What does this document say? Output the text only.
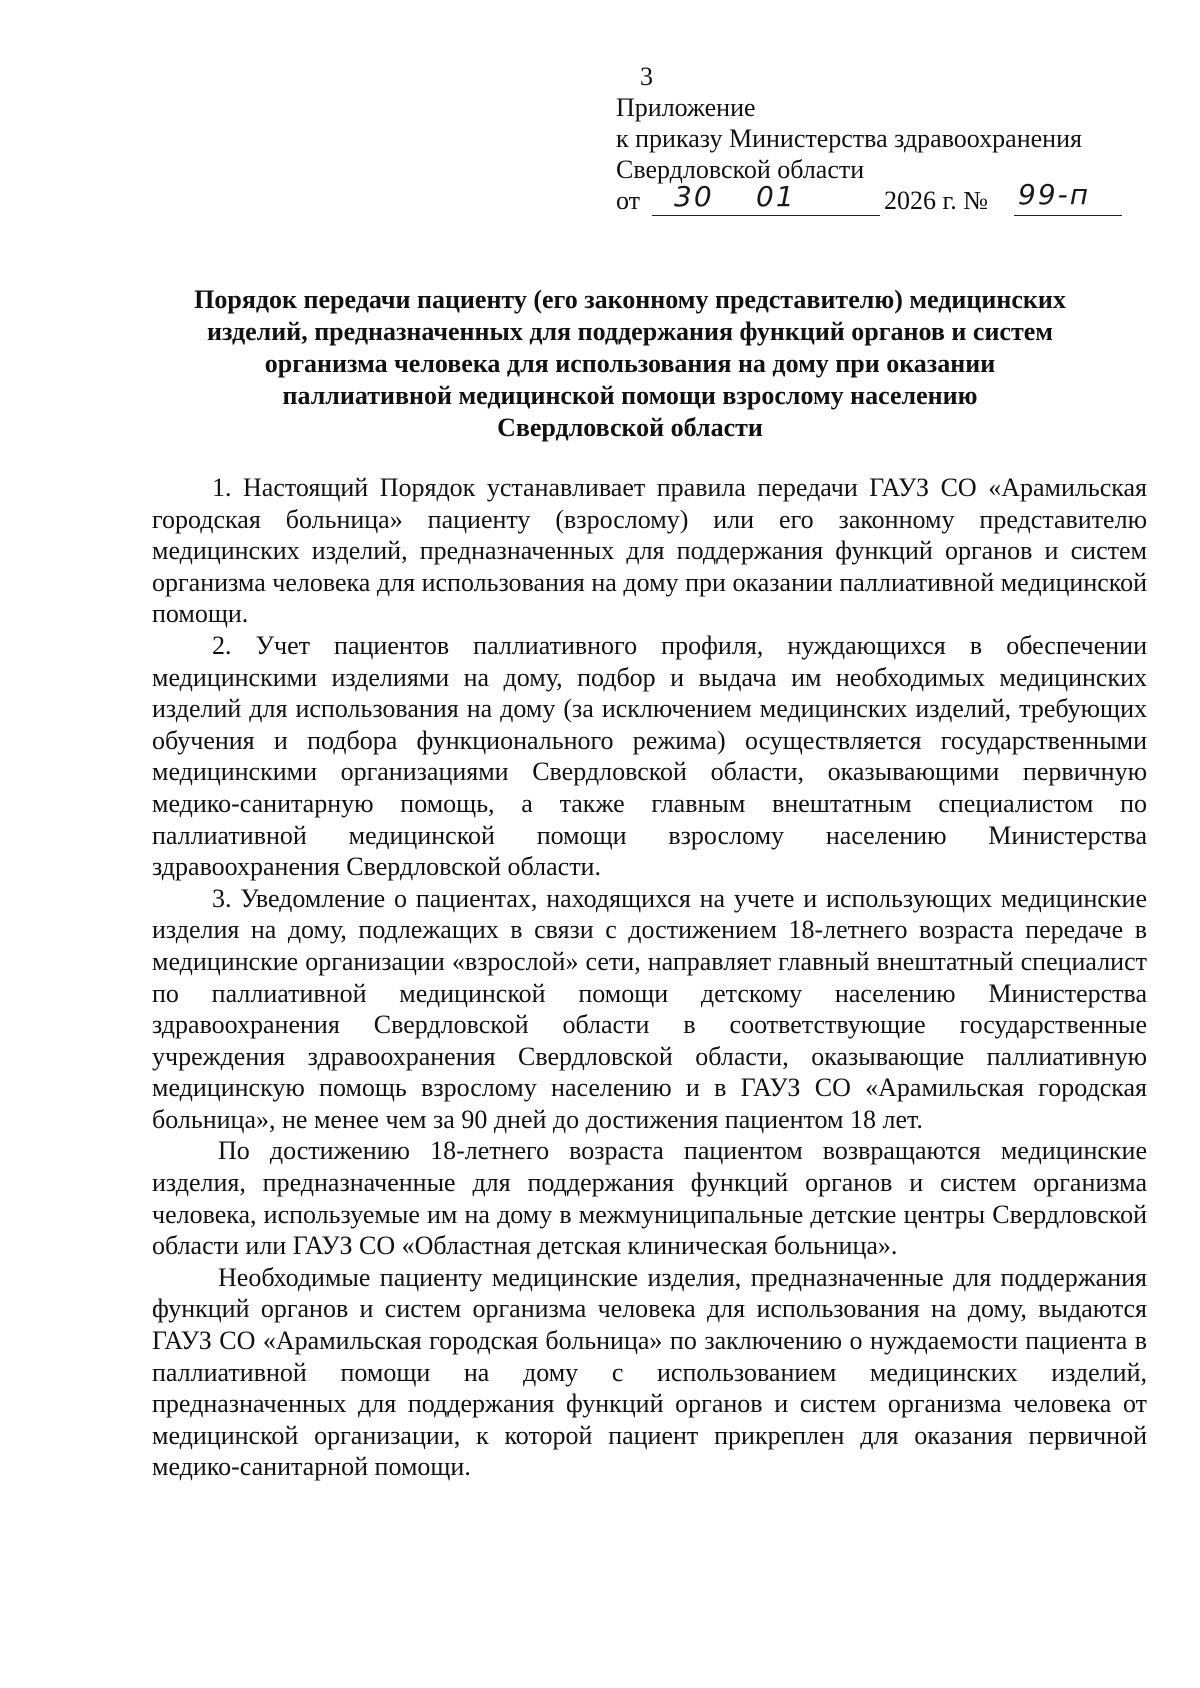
3
Приложение
к приказу Министерства здравоохранения
Свердловской области
от 30 01	2026 г. № 99-п
Порядок передачи пациенту (его законному представителю) медицинских
изделий, предназначенных для поддержания функций органов и систем
организма человека для использования на дому при оказании
паллиативной медицинской помощи взрослому населению
Свердловской области

1. Настоящий Порядок устанавливает правила передачи ГАУЗ СО «Арамильская городская больница» пациенту (взрослому) или его законному представителю медицинских изделий, предназначенных для поддержания функций органов и систем организма человека для использования на дому при оказании паллиативной медицинской помощи.

2. Учет пациентов паллиативного профиля, нуждающихся в обеспечении медицинскими изделиями на дому, подбор и выдача им необходимых медицинских изделий для использования на дому (за исключением медицинских изделий, требующих обучения и подбора функционального режима) осуществляется государственными медицинскими организациями Свердловской области, оказывающими первичную медико-санитарную помощь, а также главным внештатным специалистом по паллиативной медицинской помощи взрослому населению Министерства здравоохранения Свердловской области.

3. Уведомление о пациентах, находящихся на учете и использующих медицинские изделия на дому, подлежащих в связи с достижением 18-летнего возраста передаче в медицинские организации «взрослой» сети, направляет главный внештатный специалист по паллиативной медицинской помощи детскому населению Министерства здравоохранения Свердловской области в соответствующие государственные учреждения здравоохранения Свердловской области, оказывающие паллиативную медицинскую помощь взрослому населению и в ГАУЗ СО «Арамильская городская больница», не менее чем за 90 дней до достижения пациентом 18 лет.

По достижению 18-летнего возраста пациентом возвращаются медицинские изделия, предназначенные для поддержания функций органов и систем организма человека, используемые им на дому в межмуниципальные детские центры Свердловской области или ГАУЗ СО «Областная детская клиническая больница».

Необходимые пациенту медицинские изделия, предназначенные для поддержания функций органов и систем организма человека для использования на дому, выдаются ГАУЗ СО «Арамильская городская больница» по заключению о нуждаемости пациента в паллиативной помощи на дому с использованием медицинских изделий, предназначенных для поддержания функций органов и систем организма человека от медицинской организации, к которой пациент прикреплен для оказания первичной медико-санитарной помощи.
